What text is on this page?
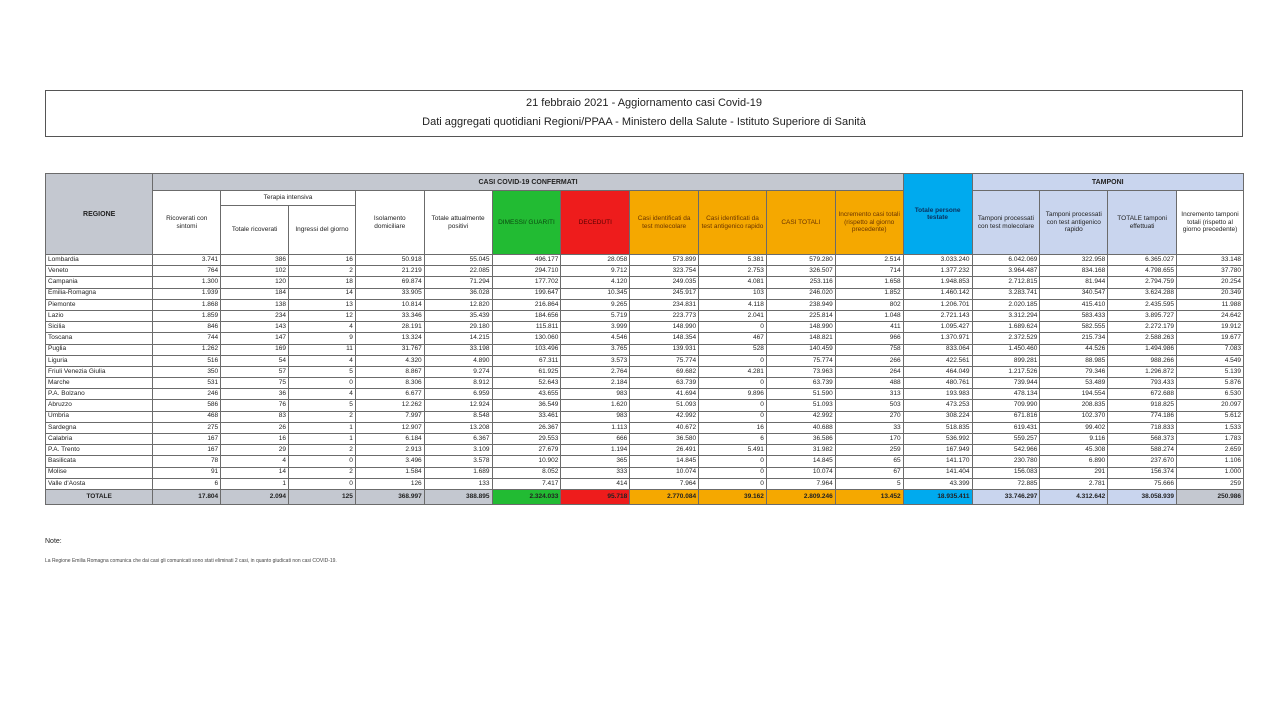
21 febbraio 2021 - Aggiornamento casi Covid-19
Dati aggregati quotidiani Regioni/PPAA - Ministero della Salute - Istituto Superiore di Sanità
REGIONE	CASI COVID-19 CONFERMATI											Totale persone testate	TAMPONI			
	Ricoverati con sintomi	Terapia intensiva		Isolamento domiciliare	Totale attualmente positivi	DIMESSI/ GUARITI	DECEDUTI	Casi identificati da test molecolare	Casi identificati da test antigenico rapido	CASI TOTALI	Incremento casi totali (rispetto al giorno precedente)		Tamponi processati con test molecolare	Tamponi processati con test antigenico rapido	TOTALE tamponi effettuati	Incremento tamponi totali (rispetto al giorno precedente)
		Totale ricoverati	Ingressi del giorno													
Lombardia	3.741	386	16	50.918	55.045	496.177	28.058	573.899	5.381	579.280	2.514	3.033.240	6.042.069	322.958	6.365.027	33.148
Veneto	764	102	2	21.219	22.085	294.710	9.712	323.754	2.753	326.507	714	1.377.232	3.964.487	834.168	4.798.655	37.780
Campania	1.300	120	18	69.874	71.294	177.702	4.120	249.035	4.081	253.116	1.658	1.948.853	2.712.815	81.944	2.794.759	20.254
Emilia-Romagna	1.939	184	14	33.905	36.028	199.647	10.345	245.917	103	246.020	1.852	1.460.142	3.283.741	340.547	3.624.288	20.349
Piemonte	1.868	138	13	10.814	12.820	216.864	9.265	234.831	4.118	238.949	802	1.206.701	2.020.185	415.410	2.435.595	11.988
Lazio	1.859	234	12	33.346	35.439	184.656	5.719	223.773	2.041	225.814	1.048	2.721.143	3.312.294	583.433	3.895.727	24.642
Sicilia	846	143	4	28.191	29.180	115.811	3.999	148.990	0	148.990	411	1.095.427	1.689.624	582.555	2.272.179	19.912
Toscana	744	147	9	13.324	14.215	130.060	4.546	148.354	467	148.821	966	1.370.971	2.372.529	215.734	2.588.263	19.677
Puglia	1.262	169	11	31.767	33.198	103.496	3.765	139.931	528	140.459	758	833.064	1.450.460	44.526	1.494.986	7.083
Liguria	516	54	4	4.320	4.890	67.311	3.573	75.774	0	75.774	266	422.561	899.281	88.985	988.266	4.549
Friuli Venezia Giulia	350	57	5	8.867	9.274	61.925	2.764	69.682	4.281	73.963	264	464.049	1.217.526	79.346	1.296.872	5.139
Marche	531	75	0	8.306	8.912	52.643	2.184	63.739	0	63.739	488	480.761	739.944	53.489	793.433	5.876
P.A. Bolzano	246	36	4	6.677	6.959	43.655	983	41.694	9.896	51.590	313	193.983	478.134	194.554	672.688	6.530
Abruzzo	586	76	5	12.262	12.924	36.549	1.620	51.093	0	51.093	503	473.253	709.990	208.835	918.825	20.097
Umbria	468	83	2	7.997	8.548	33.461	983	42.992	0	42.992	270	308.224	671.816	102.370	774.186	5.612
Sardegna	275	26	1	12.907	13.208	26.367	1.113	40.672	16	40.688	33	518.835	619.431	99.402	718.833	1.533
Calabria	167	16	1	6.184	6.367	29.553	666	36.580	6	36.586	170	536.992	559.257	9.116	568.373	1.783
P.A. Trento	167	29	2	2.913	3.109	27.679	1.194	26.491	5.491	31.982	259	167.949	542.966	45.308	588.274	2.659
Basilicata	78	4	0	3.496	3.578	10.902	365	14.845	0	14.845	65	141.170	230.780	6.890	237.670	1.106
Molise	91	14	2	1.584	1.689	8.052	333	10.074	0	10.074	67	141.404	156.083	291	156.374	1.000
Valle d'Aosta	6	1	0	126	133	7.417	414	7.964	0	7.964	5	43.399	72.885	2.781	75.666	259
TOTALE	17.804	2.094	125	368.997	388.895	2.324.033	95.718	2.770.084	39.162	2.809.246	13.452	18.935.411	33.746.297	4.312.642	38.058.939	250.986
Note:
La Regione Emilia Romagna comunica che dai casi gli comunicati sono stati eliminati 2 casi, in quanto giudicati non casi COVID-19.
